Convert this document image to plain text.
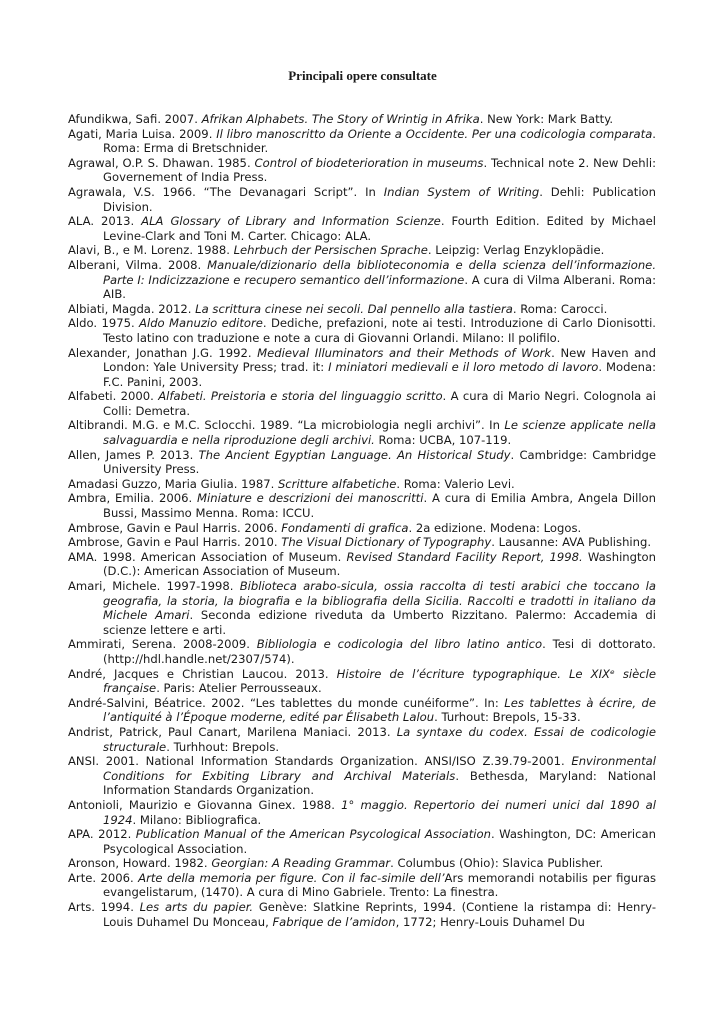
Principali opere consultate

Afundikwa, Safi. 2007. Afrikan Alphabets. The Story of Wrintig in Afrika. New York: Mark Batty.

Agati, Maria Luisa. 2009. Il libro manoscritto da Oriente a Occidente. Per una codicologia comparata. Roma: Erma di Bretschnider.

Agrawal, O.P. S. Dhawan. 1985. Control of biodeterioration in museums. Technical note 2. New Dehli: Governement of India Press.

Agrawala, V.S. 1966. “The Devanagari Script”. In Indian System of Writing. Dehli: Publication Division.

ALA. 2013. ALA Glossary of Library and Information Scienze. Fourth Edition. Edited by Michael Levine-Clark and Toni M. Carter. Chicago: ALA.

Alavi, B., e M. Lorenz. 1988. Lehrbuch der Persischen Sprache. Leipzig: Verlag Enzyklopädie.

Alberani, Vilma. 2008. Manuale/dizionario della biblioteconomia e della scienza dell’informazione. Parte I: Indicizzazione e recupero semantico dell’informazione. A cura di Vilma Alberani. Roma: AIB.

Albiati, Magda. 2012. La scrittura cinese nei secoli. Dal pennello alla tastiera. Roma: Carocci.

Aldo. 1975. Aldo Manuzio editore. Dediche, prefazioni, note ai testi. Introduzione di Carlo Dionisotti. Testo latino con traduzione e note a cura di Giovanni Orlandi. Milano: Il polifilo.

Alexander, Jonathan J.G. 1992. Medieval Illuminators and their Methods of Work. New Haven and London: Yale University Press; trad. it: I miniatori medievali e il loro metodo di lavoro. Modena: F.C. Panini, 2003.

Alfabeti. 2000. Alfabeti. Preistoria e storia del linguaggio scritto. A cura di Mario Negri. Colognola ai Colli: Demetra.

Altibrandi. M.G. e M.C. Sclocchi. 1989. “La microbiologia negli archivi”. In Le scienze applicate nella salvaguardia e nella riproduzione degli archivi. Roma: UCBA, 107-119.

Allen, James P. 2013. The Ancient Egyptian Language. An Historical Study. Cambridge: Cambridge University Press.

Amadasi Guzzo, Maria Giulia. 1987. Scritture alfabetiche. Roma: Valerio Levi.

Ambra, Emilia. 2006. Miniature e descrizioni dei manoscritti. A cura di Emilia Ambra, Angela Dillon Bussi, Massimo Menna. Roma: ICCU.

Ambrose, Gavin e Paul Harris. 2006. Fondamenti di grafica. 2a edizione. Modena: Logos.

Ambrose, Gavin e Paul Harris. 2010. The Visual Dictionary of Typography. Lausanne: AVA Publishing.

AMA. 1998. American Association of Museum. Revised Standard Facility Report, 1998. Washington (D.C.): American Association of Museum.

Amari, Michele. 1997-1998. Biblioteca arabo-sicula, ossia raccolta di testi arabici che toccano la geografia, la storia, la biografia e la bibliografia della Sicilia. Raccolti e tradotti in italiano da Michele Amari. Seconda edizione riveduta da Umberto Rizzitano. Palermo: Accademia di scienze lettere e arti.

Ammirati, Serena. 2008-2009. Bibliologia e codicologia del libro latino antico. Tesi di dottorato. (http://hdl.handle.net/2307/574).

André, Jacques e Christian Laucou. 2013. Histoire de l’écriture typographique. Le XIXᵉ siècle française. Paris: Atelier Perrousseaux.

André-Salvini, Béatrice. 2002. “Les tablettes du monde cunéiforme”. In: Les tablettes à écrire, de l’antiquité à l’Époque moderne, edité par Élisabeth Lalou. Turhout: Brepols, 15-33.

Andrist, Patrick, Paul Canart, Marilena Maniaci. 2013. La syntaxe du codex. Essai de codicologie structurale. Turhhout: Brepols.

ANSI. 2001. National Information Standards Organization. ANSI/ISO Z.39.79-2001. Environmental Conditions for Exbiting Library and Archival Materials. Bethesda, Maryland: National Information Standards Organization.

Antonioli, Maurizio e Giovanna Ginex. 1988. 1° maggio. Repertorio dei numeri unici dal 1890 al 1924. Milano: Bibliografica.

APA. 2012. Publication Manual of the American Psycological Association. Washington, DC: American Psycological Association.

Aronson, Howard. 1982. Georgian: A Reading Grammar. Columbus (Ohio): Slavica Publisher.

Arte. 2006. Arte della memoria per figure. Con il fac-simile dell’Ars memorandi notabilis per figuras evangelistarum, (1470). A cura di Mino Gabriele. Trento: La finestra.

Arts. 1994. Les arts du papier. Genève: Slatkine Reprints, 1994. (Contiene la ristampa di: Henry-Louis Duhamel Du Monceau, Fabrique de l’amidon, 1772; Henry-Louis Duhamel Du
